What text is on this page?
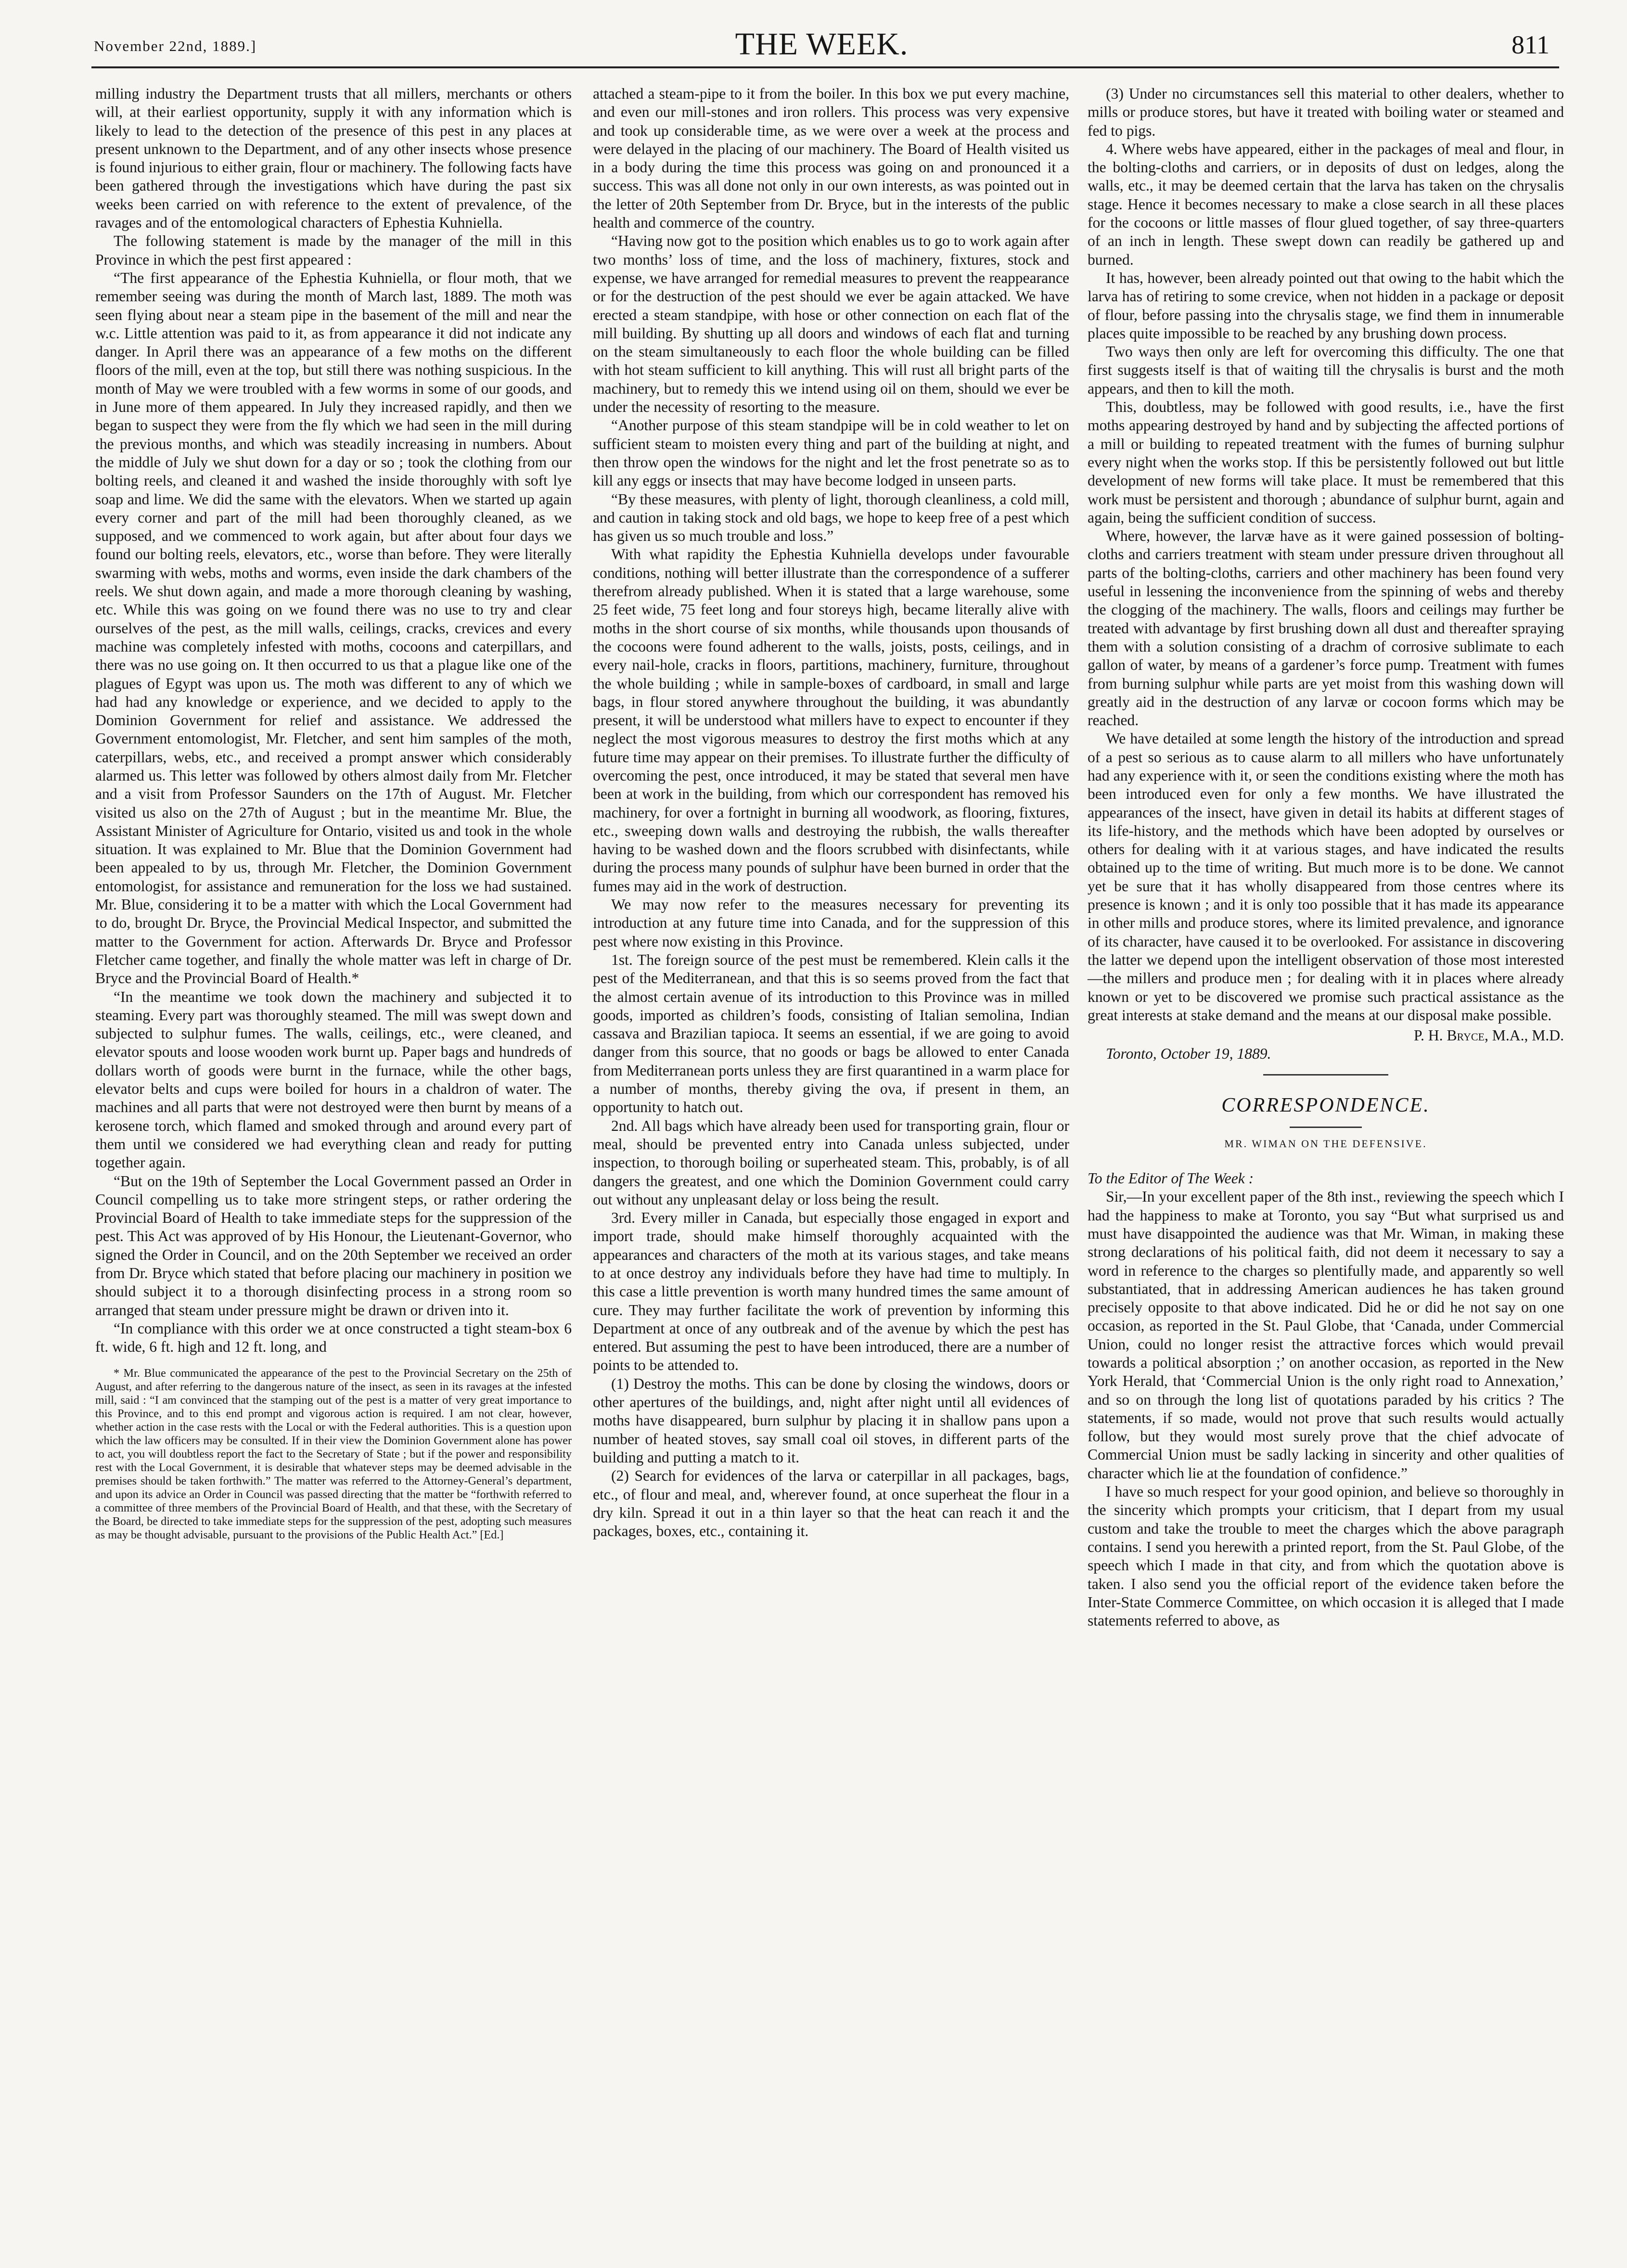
November 22nd, 1889.]	THE WEEK.	811

milling industry the Department trusts that all millers, merchants or others will, at their earliest opportunity, supply it with any information which is likely to lead to the detection of the presence of this pest in any places at present unknown to the Department, and of any other insects whose presence is found injurious to either grain, flour or machinery. The following facts have been gathered through the investigations which have during the past six weeks been carried on with reference to the extent of prevalence, of the ravages and of the entomological characters of Ephestia Kuhniella.

The following statement is made by the manager of the mill in this Province in which the pest first appeared :

“The first appearance of the Ephestia Kuhniella, or flour moth, that we remember seeing was during the month of March last, 1889. The moth was seen flying about near a steam pipe in the basement of the mill and near the w.c. Little attention was paid to it, as from appearance it did not indicate any danger. In April there was an appearance of a few moths on the different floors of the mill, even at the top, but still there was nothing suspicious. In the month of May we were troubled with a few worms in some of our goods, and in June more of them appeared. In July they increased rapidly, and then we began to suspect they were from the fly which we had seen in the mill during the previous months, and which was steadily increasing in numbers. About the middle of July we shut down for a day or so ; took the clothing from our bolting reels, and cleaned it and washed the inside thoroughly with soft lye soap and lime. We did the same with the elevators. When we started up again every corner and part of the mill had been thoroughly cleaned, as we supposed, and we commenced to work again, but after about four days we found our bolting reels, elevators, etc., worse than before. They were literally swarming with webs, moths and worms, even inside the dark chambers of the reels. We shut down again, and made a more thorough cleaning by washing, etc. While this was going on we found there was no use to try and clear ourselves of the pest, as the mill walls, ceilings, cracks, crevices and every machine was completely infested with moths, cocoons and caterpillars, and there was no use going on. It then occurred to us that a plague like one of the plagues of Egypt was upon us. The moth was different to any of which we had had any knowledge or experience, and we decided to apply to the Dominion Government for relief and assistance. We addressed the Government entomologist, Mr. Fletcher, and sent him samples of the moth, caterpillars, webs, etc., and received a prompt answer which considerably alarmed us. This letter was followed by others almost daily from Mr. Fletcher and a visit from Professor Saunders on the 17th of August. Mr. Fletcher visited us also on the 27th of August ; but in the meantime Mr. Blue, the Assistant Minister of Agriculture for Ontario, visited us and took in the whole situation. It was explained to Mr. Blue that the Dominion Government had been appealed to by us, through Mr. Fletcher, the Dominion Government entomologist, for assistance and remuneration for the loss we had sustained. Mr. Blue, considering it to be a matter with which the Local Government had to do, brought Dr. Bryce, the Provincial Medical Inspector, and submitted the matter to the Government for action. Afterwards Dr. Bryce and Professor Fletcher came together, and finally the whole matter was left in charge of Dr. Bryce and the Provincial Board of Health.*

“In the meantime we took down the machinery and subjected it to steaming. Every part was thoroughly steamed. The mill was swept down and subjected to sulphur fumes. The walls, ceilings, etc., were cleaned, and elevator spouts and loose wooden work burnt up. Paper bags and hundreds of dollars worth of goods were burnt in the furnace, while the other bags, elevator belts and cups were boiled for hours in a chaldron of water. The machines and all parts that were not destroyed were then burnt by means of a kerosene torch, which flamed and smoked through and around every part of them until we considered we had everything clean and ready for putting together again.

“But on the 19th of September the Local Government passed an Order in Council compelling us to take more stringent steps, or rather ordering the Provincial Board of Health to take immediate steps for the suppression of the pest. This Act was approved of by His Honour, the Lieutenant-Governor, who signed the Order in Council, and on the 20th September we received an order from Dr. Bryce which stated that before placing our machinery in position we should subject it to a thorough disinfecting process in a strong room so arranged that steam under pressure might be drawn or driven into it.

“In compliance with this order we at once constructed a tight steam-box 6 ft. wide, 6 ft. high and 12 ft. long, and

* Mr. Blue communicated the appearance of the pest to the Provincial Secretary on the 25th of August, and after referring to the dangerous nature of the insect, as seen in its ravages at the infested mill, said : “I am convinced that the stamping out of the pest is a matter of very great importance to this Province, and to this end prompt and vigorous action is required. I am not clear, however, whether action in the case rests with the Local or with the Federal authorities. This is a question upon which the law officers may be consulted. If in their view the Dominion Government alone has power to act, you will doubtless report the fact to the Secretary of State ; but if the power and responsibility rest with the Local Government, it is desirable that whatever steps may be deemed advisable in the premises should be taken forthwith.” The matter was referred to the Attorney-General’s department, and upon its advice an Order in Council was passed directing that the matter be “forthwith referred to a committee of three members of the Provincial Board of Health, and that these, with the Secretary of the Board, be directed to take immediate steps for the suppression of the pest, adopting such measures as may be thought advisable, pursuant to the provisions of the Public Health Act.” [Ed.]

attached a steam-pipe to it from the boiler. In this box we put every machine, and even our mill-stones and iron rollers. This process was very expensive and took up considerable time, as we were over a week at the process and were delayed in the placing of our machinery. The Board of Health visited us in a body during the time this process was going on and pronounced it a success. This was all done not only in our own interests, as was pointed out in the letter of 20th September from Dr. Bryce, but in the interests of the public health and commerce of the country.

“Having now got to the position which enables us to go to work again after two months’ loss of time, and the loss of machinery, fixtures, stock and expense, we have arranged for remedial measures to prevent the reappearance or for the destruction of the pest should we ever be again attacked. We have erected a steam standpipe, with hose or other connection on each flat of the mill building. By shutting up all doors and windows of each flat and turning on the steam simultaneously to each floor the whole building can be filled with hot steam sufficient to kill anything. This will rust all bright parts of the machinery, but to remedy this we intend using oil on them, should we ever be under the necessity of resorting to the measure.

“Another purpose of this steam standpipe will be in cold weather to let on sufficient steam to moisten every thing and part of the building at night, and then throw open the windows for the night and let the frost penetrate so as to kill any eggs or insects that may have become lodged in unseen parts.

“By these measures, with plenty of light, thorough cleanliness, a cold mill, and caution in taking stock and old bags, we hope to keep free of a pest which has given us so much trouble and loss.”

With what rapidity the Ephestia Kuhniella develops under favourable conditions, nothing will better illustrate than the correspondence of a sufferer therefrom already published. When it is stated that a large warehouse, some 25 feet wide, 75 feet long and four storeys high, became literally alive with moths in the short course of six months, while thousands upon thousands of the cocoons were found adherent to the walls, joists, posts, ceilings, and in every nail-hole, cracks in floors, partitions, machinery, furniture, throughout the whole building ; while in sample-boxes of cardboard, in small and large bags, in flour stored anywhere throughout the building, it was abundantly present, it will be understood what millers have to expect to encounter if they neglect the most vigorous measures to destroy the first moths which at any future time may appear on their premises. To illustrate further the difficulty of overcoming the pest, once introduced, it may be stated that several men have been at work in the building, from which our correspondent has removed his machinery, for over a fortnight in burning all woodwork, as flooring, fixtures, etc., sweeping down walls and destroying the rubbish, the walls thereafter having to be washed down and the floors scrubbed with disinfectants, while during the process many pounds of sulphur have been burned in order that the fumes may aid in the work of destruction.

We may now refer to the measures necessary for preventing its introduction at any future time into Canada, and for the suppression of this pest where now existing in this Province.

1st. The foreign source of the pest must be remembered. Klein calls it the pest of the Mediterranean, and that this is so seems proved from the fact that the almost certain avenue of its introduction to this Province was in milled goods, imported as children’s foods, consisting of Italian semolina, Indian cassava and Brazilian tapioca. It seems an essential, if we are going to avoid danger from this source, that no goods or bags be allowed to enter Canada from Mediterranean ports unless they are first quarantined in a warm place for a number of months, thereby giving the ova, if present in them, an opportunity to hatch out.

2nd. All bags which have already been used for transporting grain, flour or meal, should be prevented entry into Canada unless subjected, under inspection, to thorough boiling or superheated steam. This, probably, is of all dangers the greatest, and one which the Dominion Government could carry out without any unpleasant delay or loss being the result.

3rd. Every miller in Canada, but especially those engaged in export and import trade, should make himself thoroughly acquainted with the appearances and characters of the moth at its various stages, and take means to at once destroy any individuals before they have had time to multiply. In this case a little prevention is worth many hundred times the same amount of cure. They may further facilitate the work of prevention by informing this Department at once of any outbreak and of the avenue by which the pest has entered. But assuming the pest to have been introduced, there are a number of points to be attended to.

(1) Destroy the moths. This can be done by closing the windows, doors or other apertures of the buildings, and, night after night until all evidences of moths have disappeared, burn sulphur by placing it in shallow pans upon a number of heated stoves, say small coal oil stoves, in different parts of the building and putting a match to it.

(2) Search for evidences of the larva or caterpillar in all packages, bags, etc., of flour and meal, and, wherever found, at once superheat the flour in a dry kiln. Spread it out in a thin layer so that the heat can reach it and the packages, boxes, etc., containing it.

(3) Under no circumstances sell this material to other dealers, whether to mills or produce stores, but have it treated with boiling water or steamed and fed to pigs.

4. Where webs have appeared, either in the packages of meal and flour, in the bolting-cloths and carriers, or in deposits of dust on ledges, along the walls, etc., it may be deemed certain that the larva has taken on the chrysalis stage. Hence it becomes necessary to make a close search in all these places for the cocoons or little masses of flour glued together, of say three-quarters of an inch in length. These swept down can readily be gathered up and burned.

It has, however, been already pointed out that owing to the habit which the larva has of retiring to some crevice, when not hidden in a package or deposit of flour, before passing into the chrysalis stage, we find them in innumerable places quite impossible to be reached by any brushing down process.

Two ways then only are left for overcoming this difficulty. The one that first suggests itself is that of waiting till the chrysalis is burst and the moth appears, and then to kill the moth.

This, doubtless, may be followed with good results, i.e., have the first moths appearing destroyed by hand and by subjecting the affected portions of a mill or building to repeated treatment with the fumes of burning sulphur every night when the works stop. If this be persistently followed out but little development of new forms will take place. It must be remembered that this work must be persistent and thorough ; abundance of sulphur burnt, again and again, being the sufficient condition of success.

Where, however, the larvæ have as it were gained possession of bolting-cloths and carriers treatment with steam under pressure driven throughout all parts of the bolting-cloths, carriers and other machinery has been found very useful in lessening the inconvenience from the spinning of webs and thereby the clogging of the machinery. The walls, floors and ceilings may further be treated with advantage by first brushing down all dust and thereafter spraying them with a solution consisting of a drachm of corrosive sublimate to each gallon of water, by means of a gardener’s force pump. Treatment with fumes from burning sulphur while parts are yet moist from this washing down will greatly aid in the destruction of any larvæ or cocoon forms which may be reached.

We have detailed at some length the history of the introduction and spread of a pest so serious as to cause alarm to all millers who have unfortunately had any experience with it, or seen the conditions existing where the moth has been introduced even for only a few months. We have illustrated the appearances of the insect, have given in detail its habits at different stages of its life-history, and the methods which have been adopted by ourselves or others for dealing with it at various stages, and have indicated the results obtained up to the time of writing. But much more is to be done. We cannot yet be sure that it has wholly disappeared from those centres where its presence is known ; and it is only too possible that it has made its appearance in other mills and produce stores, where its limited prevalence, and ignorance of its character, have caused it to be overlooked. For assistance in discovering the latter we depend upon the intelligent observation of those most interested—the millers and produce men ; for dealing with it in places where already known or yet to be discovered we promise such practical assistance as the great interests at stake demand and the means at our disposal make possible.

P. H. Bryce, M.A., M.D.

Toronto, October 19, 1889.

CORRESPONDENCE.
MR. WIMAN ON THE DEFENSIVE.

To the Editor of The Week :

Sir,—In your excellent paper of the 8th inst., reviewing the speech which I had the happiness to make at Toronto, you say “But what surprised us and must have disappointed the audience was that Mr. Wiman, in making these strong declarations of his political faith, did not deem it necessary to say a word in reference to the charges so plentifully made, and apparently so well substantiated, that in addressing American audiences he has taken ground precisely opposite to that above indicated. Did he or did he not say on one occasion, as reported in the St. Paul Globe, that ‘Canada, under Commercial Union, could no longer resist the attractive forces which would prevail towards a political absorption ;’ on another occasion, as reported in the New York Herald, that ‘Commercial Union is the only right road to Annexation,’ and so on through the long list of quotations paraded by his critics ? The statements, if so made, would not prove that such results would actually follow, but they would most surely prove that the chief advocate of Commercial Union must be sadly lacking in sincerity and other qualities of character which lie at the foundation of confidence.”

I have so much respect for your good opinion, and believe so thoroughly in the sincerity which prompts your criticism, that I depart from my usual custom and take the trouble to meet the charges which the above paragraph contains. I send you herewith a printed report, from the St. Paul Globe, of the speech which I made in that city, and from which the quotation above is taken. I also send you the official report of the evidence taken before the Inter-State Commerce Committee, on which occasion it is alleged that I made statements referred to above, as
